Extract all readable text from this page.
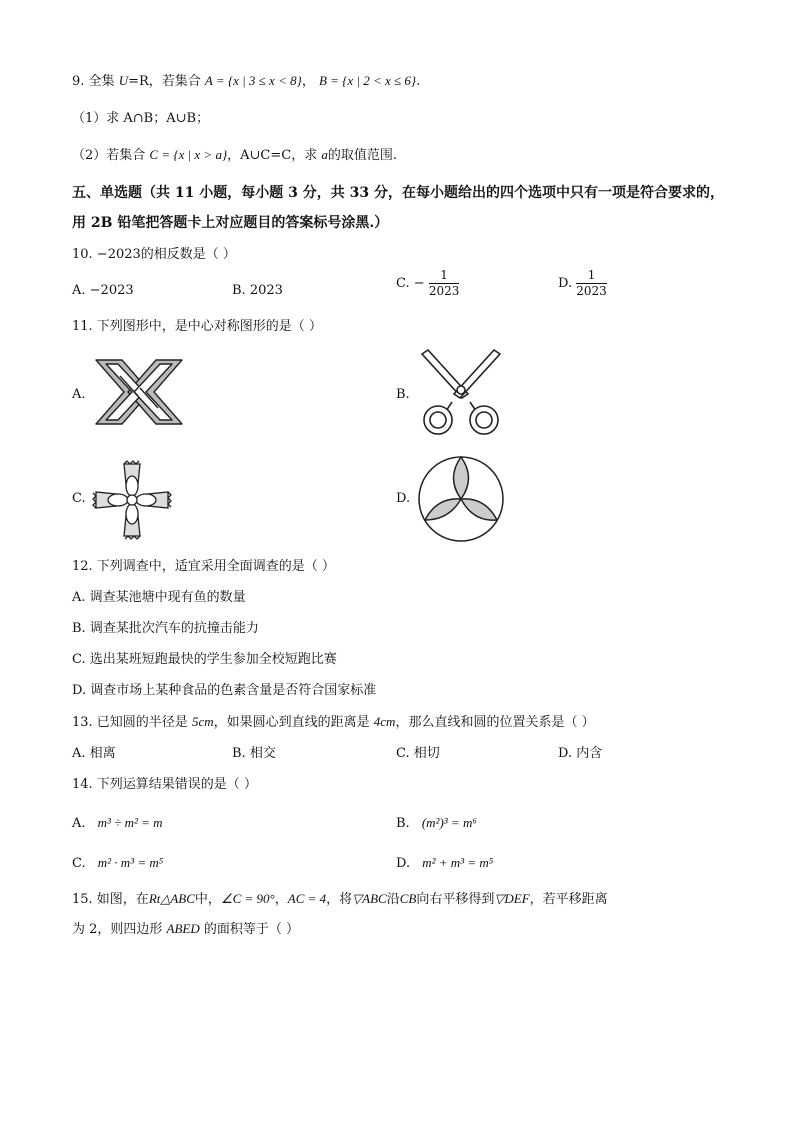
9. 全集 U=R，若集合 A = {x | 3 ≤ x < 8}， B = {x | 2 < x ≤ 6}.
（1）求 A∩B；A∪B；
（2）若集合 C = {x | x > a}，A∪C=C，求 a的取值范围.
五、单选题（共 11 小题，每小题 3 分，共 33 分，在每小题给出的四个选项中只有一项是符合要求的，用 2B 铅笔把答题卡上对应题目的答案标号涂黑.）
10. −2023的相反数是（ ）
A. −2023	B. 2023	C. − $\frac{1}{2023}$	D. $\frac{1}{2023}$
11. 下列图形中，是中心对称图形的是（ ）
A.	B.
C.	D.
12. 下列调查中，适宜采用全面调查的是（ ）
A. 调查某池塘中现有鱼的数量
B. 调查某批次汽车的抗撞击能力
C. 选出某班短跑最快的学生参加全校短跑比赛
D. 调查市场上某种食品的色素含量是否符合国家标准
13. 已知圆的半径是 5cm，如果圆心到直线的距离是 4cm，那么直线和圆的位置关系是（ ）
A. 相离	B. 相交	C. 相切	D. 内含
14. 下列运算结果错误的是（ ）
A. m³ ÷ m² = m	B. (m²)³ = m⁶
C. m² · m³ = m⁵	D. m² + m³ = m⁵
15. 如图，在Rt△ABC中，∠C = 90°，AC = 4，将▽ABC沿CB向右平移得到▽DEF，若平移距离
为 2，则四边形 ABED 的面积等于（ ）
